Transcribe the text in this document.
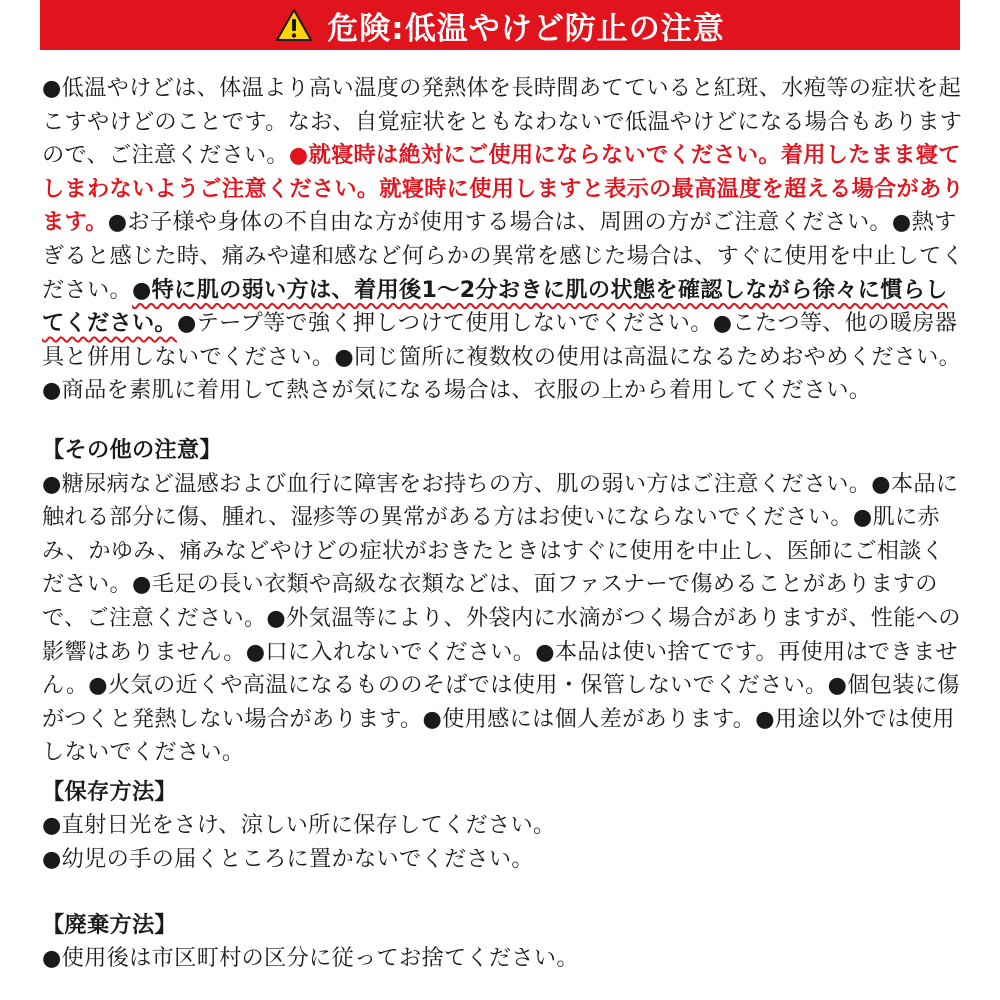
危険:低温やけど防止の注意

●低温やけどは、体温より高い温度の発熱体を長時間あてていると紅斑、水疱等の症状を起こすやけどのことです。なお、自覚症状をともなわないで低温やけどになる場合もありますので、ご注意ください。●就寝時は絶対にご使用にならないでください。着用したまま寝てしまわないようご注意ください。就寝時に使用しますと表示の最高温度を超える場合があります。●お子様や身体の不自由な方が使用する場合は、周囲の方がご注意ください。●熱すぎると感じた時、痛みや違和感など何らかの異常を感じた場合は、すぐに使用を中止してください。●特に肌の弱い方は、着用後1～2分おきに肌の状態を確認しながら徐々に慣らしてください。●テープ等で強く押しつけて使用しないでください。●こたつ等、他の暖房器具と併用しないでください。●同じ箇所に複数枚の使用は高温になるためおやめください。●商品を素肌に着用して熱さが気になる場合は、衣服の上から着用してください。

【その他の注意】

●糖尿病など温感および血行に障害をお持ちの方、肌の弱い方はご注意ください。●本品に触れる部分に傷、腫れ、湿疹等の異常がある方はお使いにならないでください。●肌に赤み、かゆみ、痛みなどやけどの症状がおきたときはすぐに使用を中止し、医師にご相談ください。●毛足の長い衣類や高級な衣類などは、面ファスナーで傷めることがありますので、ご注意ください。●外気温等により、外袋内に水滴がつく場合がありますが、性能への影響はありません。●口に入れないでください。●本品は使い捨てです。再使用はできません。●火気の近くや高温になるもののそばでは使用・保管しないでください。●個包装に傷がつくと発熱しない場合があります。●使用感には個人差があります。●用途以外では使用しないでください。

【保存方法】

●直射日光をさけ、涼しい所に保存してください。

●幼児の手の届くところに置かないでください。

【廃棄方法】

●使用後は市区町村の区分に従ってお捨てください。
